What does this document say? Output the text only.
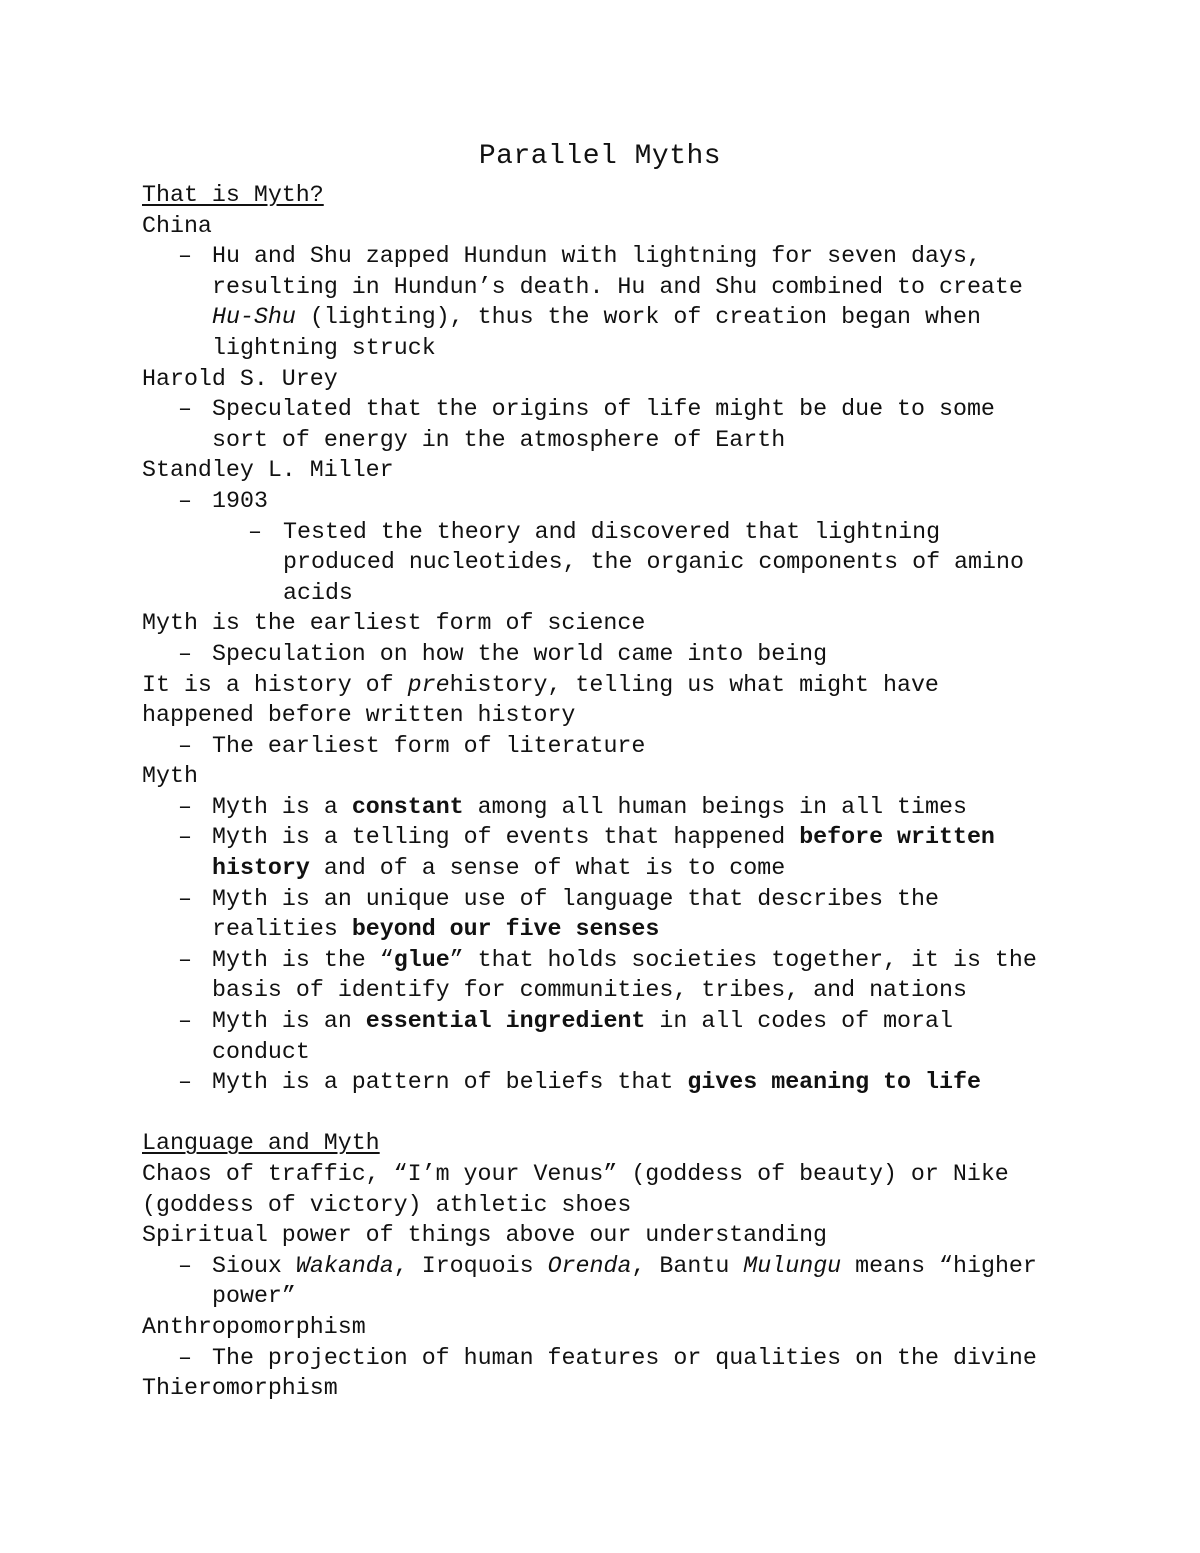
Parallel Myths
That is Myth?
China
– Hu and Shu zapped Hundun with lightning for seven days,
resulting in Hundun’s death. Hu and Shu combined to create
Hu-Shu (lighting), thus the work of creation began when
lightning struck
Harold S. Urey
– Speculated that the origins of life might be due to some
sort of energy in the atmosphere of Earth
Standley L. Miller
– 1903
– Tested the theory and discovered that lightning
produced nucleotides, the organic components of amino
acids
Myth is the earliest form of science
– Speculation on how the world came into being
It is a history of prehistory, telling us what might have
happened before written history
– The earliest form of literature
Myth
– Myth is a constant among all human beings in all times
– Myth is a telling of events that happened before written
history and of a sense of what is to come
– Myth is an unique use of language that describes the
realities beyond our five senses
– Myth is the “glue” that holds societies together, it is the
basis of identify for communities, tribes, and nations
– Myth is an essential ingredient in all codes of moral
conduct
– Myth is a pattern of beliefs that gives meaning to life
Language and Myth
Chaos of traffic, “I’m your Venus” (goddess of beauty) or Nike
(goddess of victory) athletic shoes
Spiritual power of things above our understanding
– Sioux Wakanda, Iroquois Orenda, Bantu Mulungu means “higher
power”
Anthropomorphism
– The projection of human features or qualities on the divine
Thieromorphism
